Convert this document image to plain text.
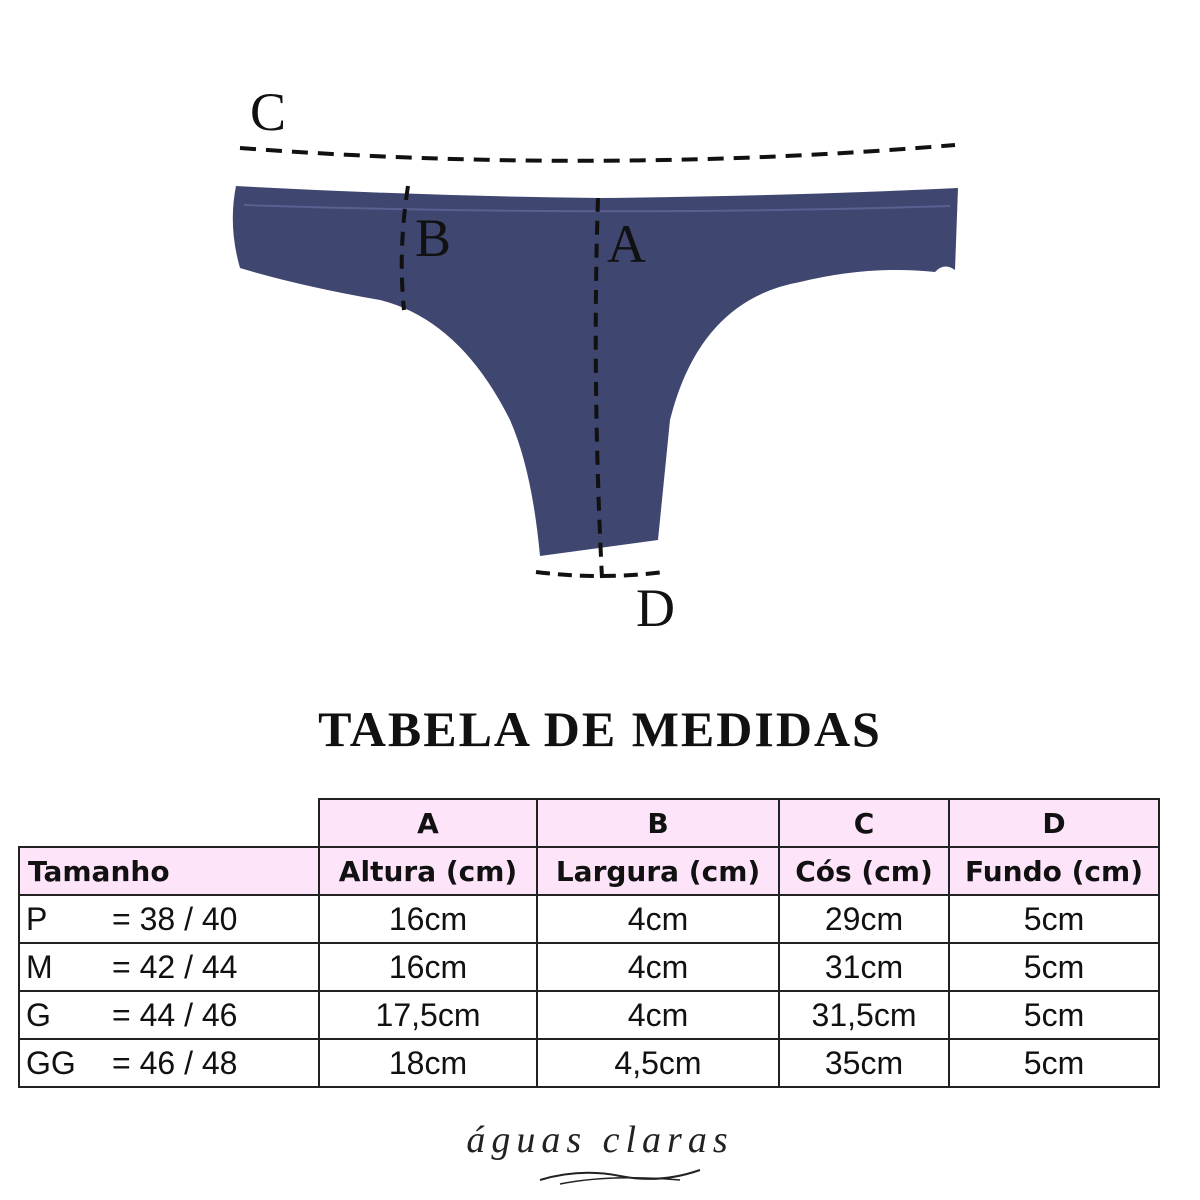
C
B	A
D
TABELA DE MEDIDAS
	A	B	C	D
Tamanho	Altura (cm)	Largura (cm)	Cós (cm)	Fundo (cm)
P = 38 / 40	16cm	4cm	29cm	5cm
M = 42 / 44	16cm	4cm	31cm	5cm
G = 44 / 46	17,5cm	4cm	31,5cm	5cm
GG = 46 / 48	18cm	4,5cm	35cm	5cm
águas claras
